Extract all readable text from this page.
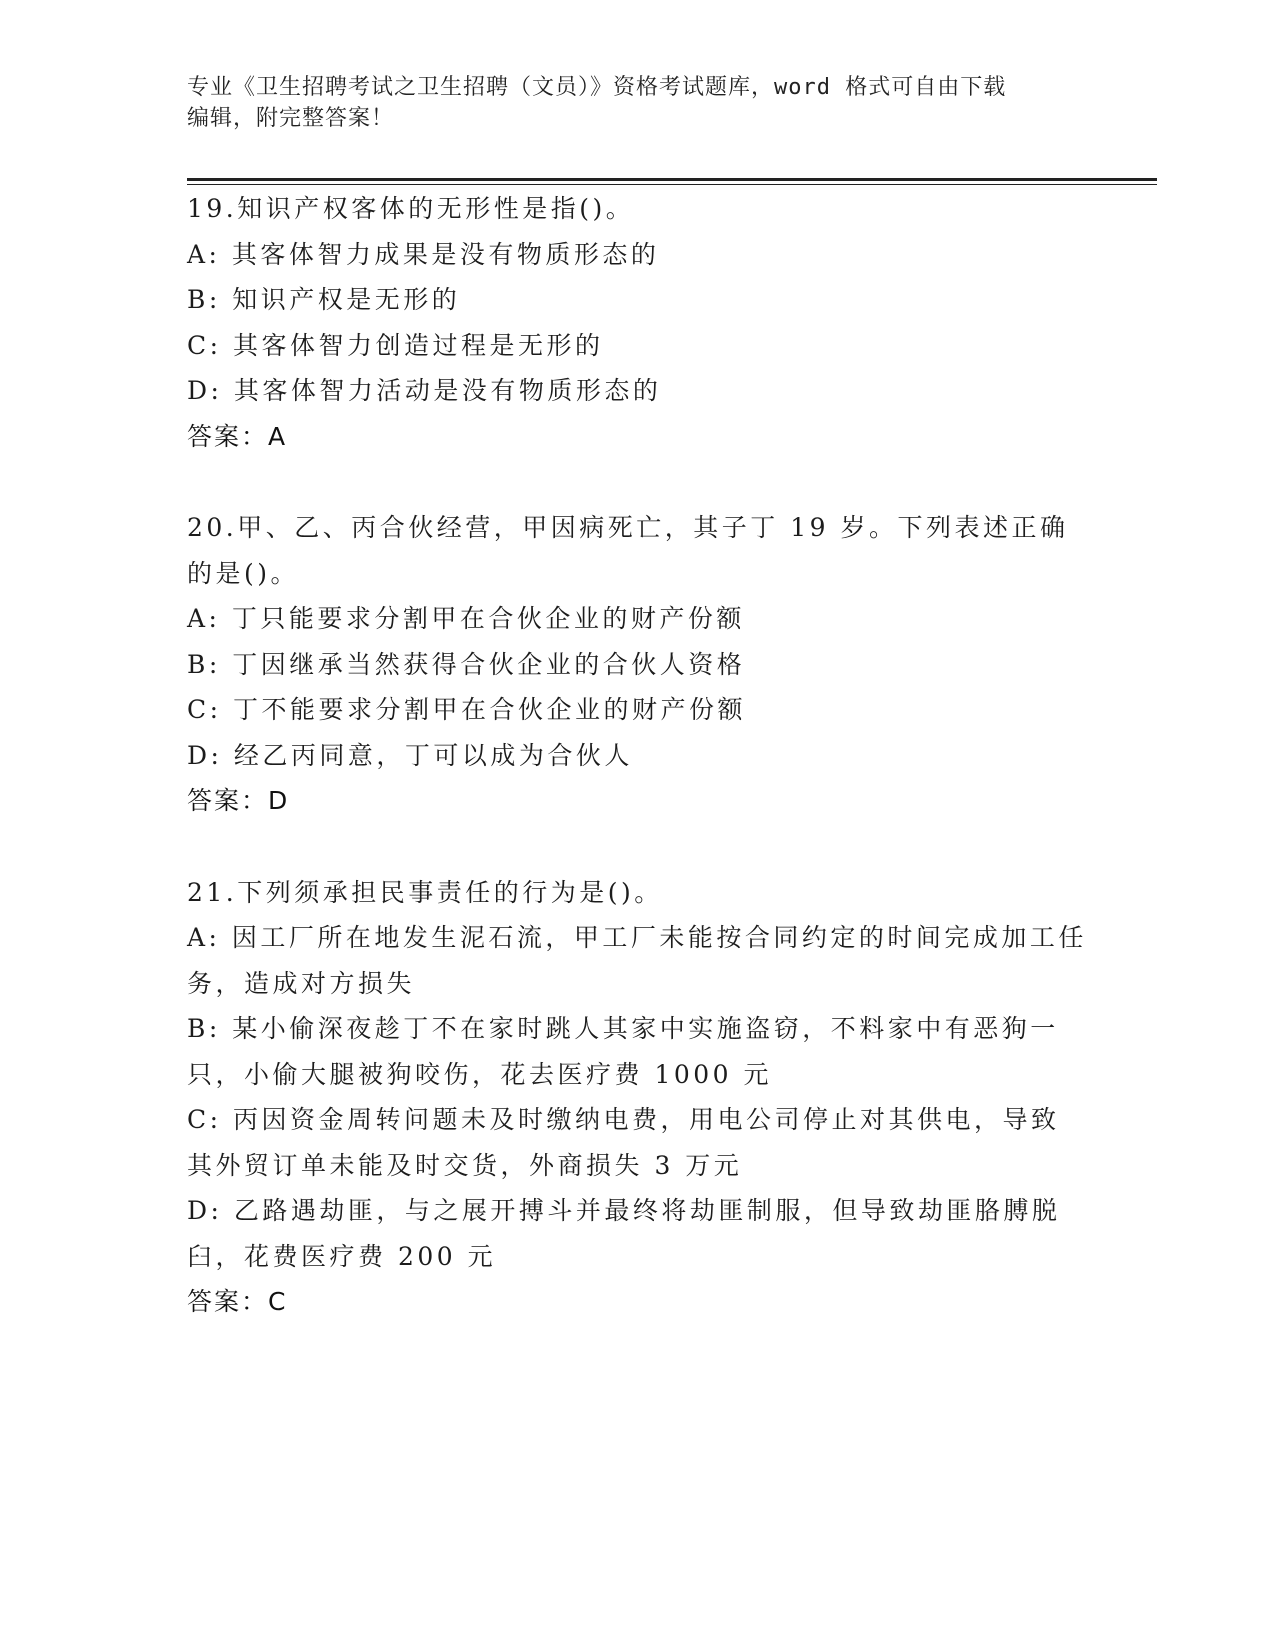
专业《卫生招聘考试之卫生招聘（文员）》资格考试题库，word 格式可自由下载
编辑，附完整答案！
19.知识产权客体的无形性是指()。
A: 其客体智力成果是没有物质形态的
B: 知识产权是无形的
C: 其客体智力创造过程是无形的
D: 其客体智力活动是没有物质形态的
答案：A
20.甲、乙、丙合伙经营，甲因病死亡，其子丁 19 岁。下列表述正确的是()。
A: 丁只能要求分割甲在合伙企业的财产份额
B: 丁因继承当然获得合伙企业的合伙人资格
C: 丁不能要求分割甲在合伙企业的财产份额
D: 经乙丙同意，丁可以成为合伙人
答案：D
21.下列须承担民事责任的行为是()。
A: 因工厂所在地发生泥石流，甲工厂未能按合同约定的时间完成加工任务，造成对方损失
B: 某小偷深夜趁丁不在家时跳人其家中实施盗窃，不料家中有恶狗一只，小偷大腿被狗咬伤，花去医疗费 1000 元
C: 丙因资金周转问题未及时缴纳电费，用电公司停止对其供电，导致其外贸订单未能及时交货，外商损失 3 万元
D: 乙路遇劫匪，与之展开搏斗并最终将劫匪制服，但导致劫匪胳膊脱臼，花费医疗费 200 元
答案：C
